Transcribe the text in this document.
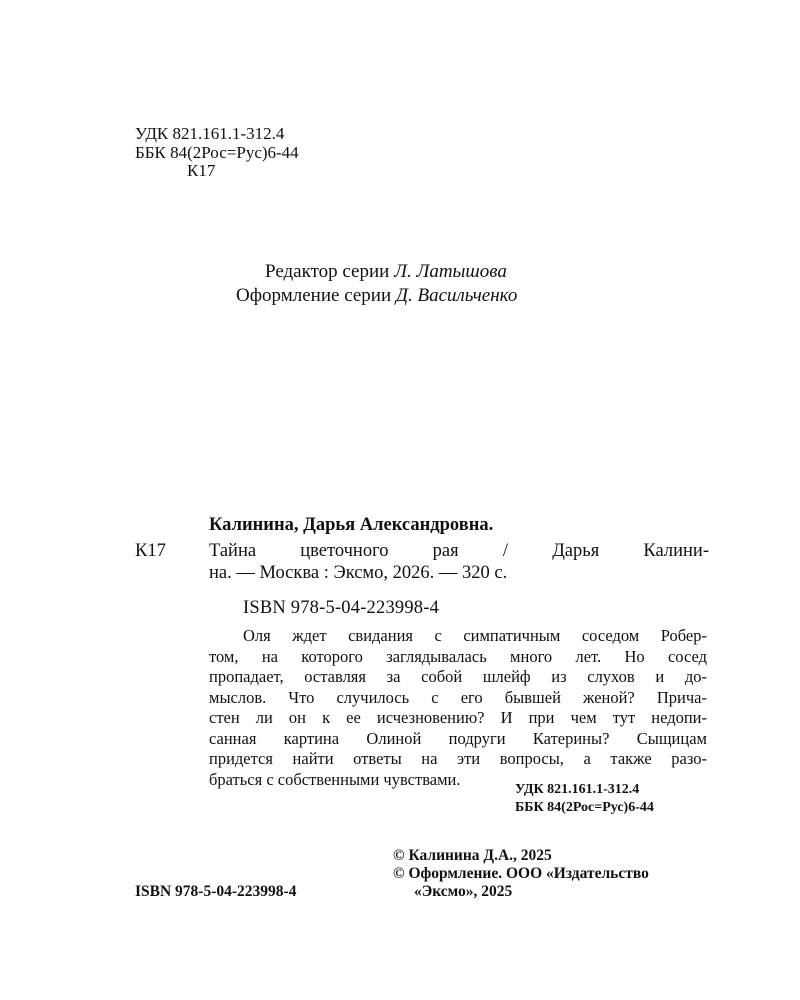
УДК 821.161.1-312.4
ББК 84(2Рос=Рус)6-44
К17
Редактор серии Л. Латышова
Оформление серии Д. Васильченко
Калинина, Дарья Александровна.
К17 Тайна цветочного рая / Дарья Калини-
на. — Москва : Эксмо, 2026. — 320 с.
ISBN 978-5-04-223998-4
Оля ждет свидания с симпатичным соседом Робер-
том, на которого заглядывалась много лет. Но сосед
пропадает, оставляя за собой шлейф из слухов и до-
мыслов. Что случилось с его бывшей женой? Прича-
стен ли он к ее исчезновению? И при чем тут недопи-
санная картина Олиной подруги Катерины? Сыщицам
придется найти ответы на эти вопросы, а также разо-
браться с собственными чувствами.
УДК 821.161.1-312.4
ББК 84(2Рос=Рус)6-44
© Калинина Д.А., 2025
© Оформление. ООО «Издательство
«Эксмо», 2025
ISBN 978-5-04-223998-4
